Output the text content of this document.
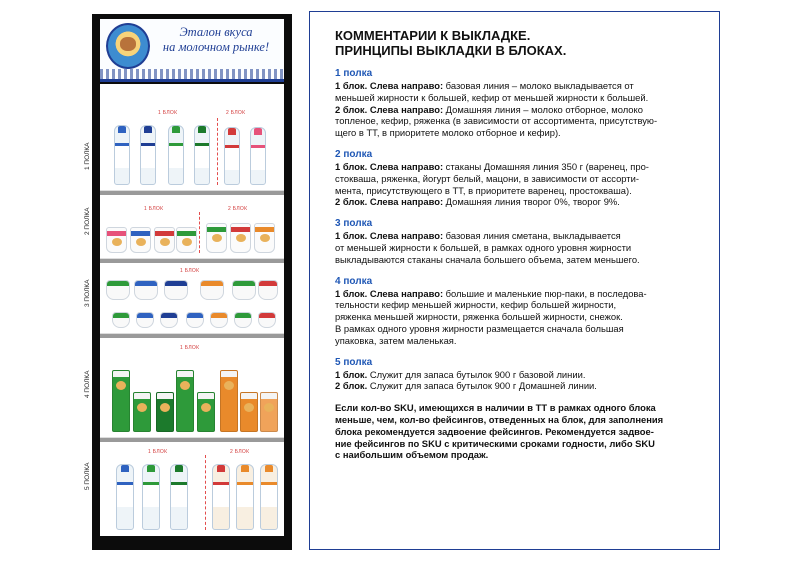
Эталон вкуса
на молочном рынке!
1 БЛОК	2 БЛОК
1 БЛОК	2 БЛОК
1 БЛОК
1 БЛОК
1 БЛОК	2 БЛОК
1 ПОЛКА
2 ПОЛКА
3 ПОЛКА
4 ПОЛКА
5 ПОЛКА
КОММЕНТАРИИ К ВЫКЛАДКЕ.
ПРИНЦИПЫ ВЫКЛАДКИ В БЛОКАХ.
1 полка
1 блок. Слева направо: базовая линия – молоко выкладывается от
меньшей жирности к большей, кефир от меньшей жирности к большей.
2 блок. Слева направо: Домашняя линия – молоко отборное, молоко
топленое, кефир, ряженка (в зависимости от ассортимента, присутствую-
щего в ТТ, в приоритете молоко отборное и кефир).
2 полка
1 блок. Слева направо: стаканы Домашняя линия 350 г (варенец, про-
стокваша, ряженка, йогурт белый, мацони, в зависимости от ассорти-
мента, присутствующего в ТТ, в приоритете варенец, простокваша).
2 блок. Слева направо: Домашняя линия творог 0%, творог 9%.
3 полка
1 блок. Слева направо: базовая линия сметана, выкладывается
от меньшей жирности к большей, в рамках одного уровня жирности
выкладываются стаканы сначала большего объема, затем меньшего.
4 полка
1 блок. Слева направо: большие и маленькие пюр-паки, в последова-
тельности кефир меньшей жирности, кефир большей жирности,
ряженка меньшей жирности, ряженка большей жирности, снежок.
В рамках одного уровня жирности размещается сначала большая
упаковка, затем маленькая.
5 полка
1 блок. Служит для запаса бутылок 900 г базовой линии.
2 блок. Служит для запаса бутылок 900 г Домашней линии.
Если кол-во SKU, имеющихся в наличии в ТТ в рамках одного блока
меньше, чем, кол-во фейсингов, отведенных на блок, для заполнения
блока рекомендуется задвоение фейсингов. Рекомендуется задвое-
ние фейсингов по SKU с критическими сроками годности, либо SKU
с наибольшим объемом продаж.
